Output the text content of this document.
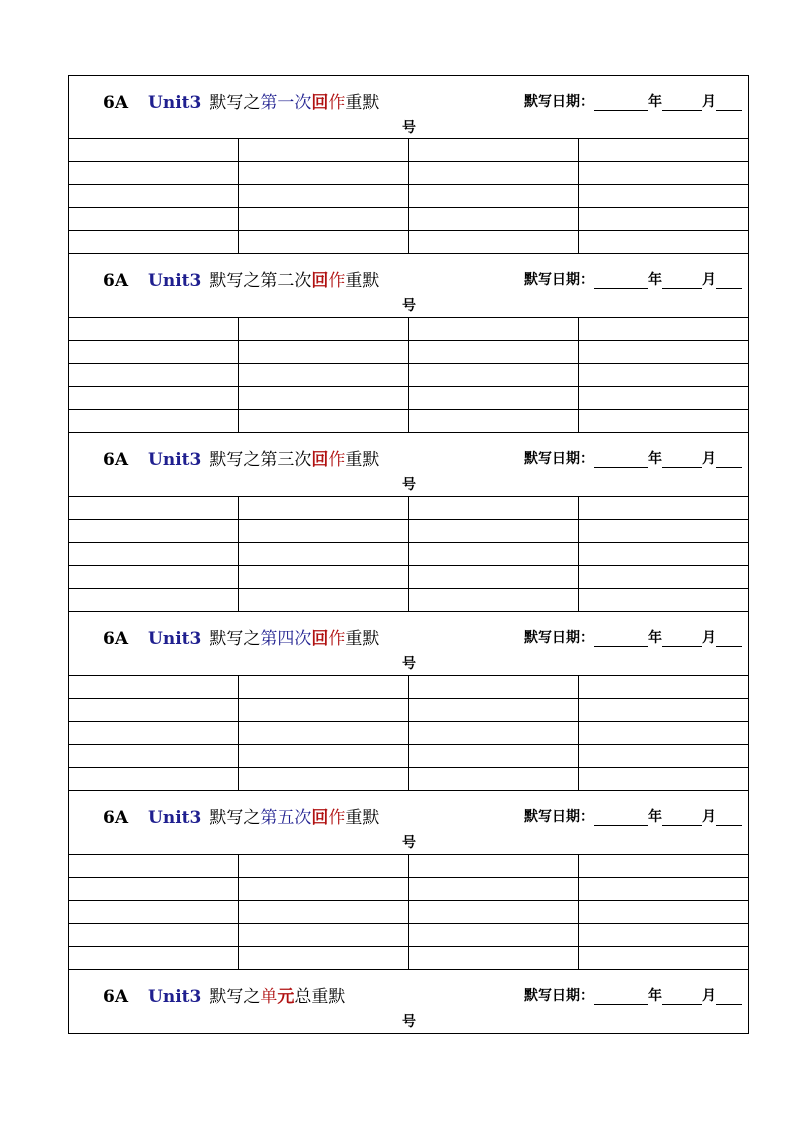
6A Unit3 默写之第一次回作重默	默写日期：	年	月
号

6A Unit3 默写之第二次回作重默	默写日期：	年	月
号

6A Unit3 默写之第三次回作重默	默写日期：	年	月
号

6A Unit3 默写之第四次回作重默	默写日期：	年	月
号

6A Unit3 默写之第五次回作重默	默写日期：	年	月
号

6A Unit3 默写之单元总重默	默写日期：	年	月
号
